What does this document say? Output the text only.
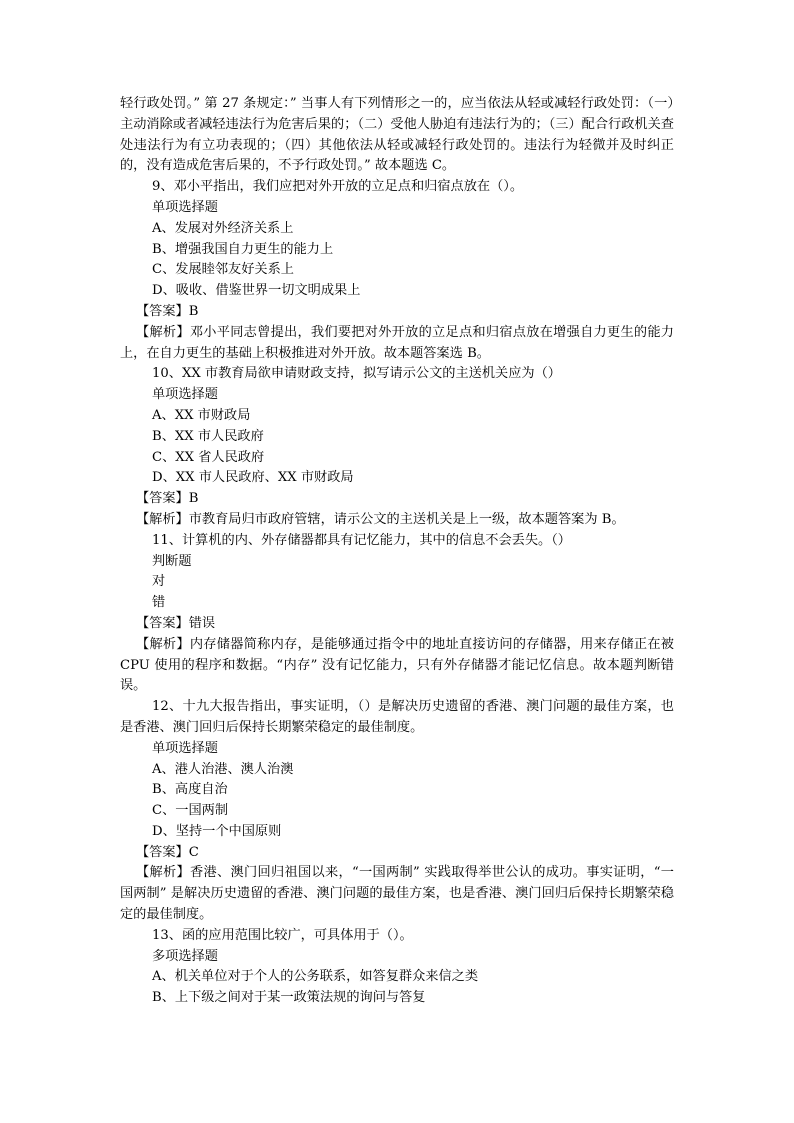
轻行政处罚。” 第 27 条规定：” 当事人有下列情形之一的，应当依法从轻或减轻行政处罚：（一）主动消除或者减轻违法行为危害后果的；（二）受他人胁迫有违法行为的；（三）配合行政机关查处违法行为有立功表现的；（四）其他依法从轻或减轻行政处罚的。违法行为轻微并及时纠正的，没有造成危害后果的，不予行政处罚。” 故本题选 C。
9、邓小平指出，我们应把对外开放的立足点和归宿点放在（）。
单项选择题
A、发展对外经济关系上
B、增强我国自力更生的能力上
C、发展睦邻友好关系上
D、吸收、借鉴世界一切文明成果上
【答案】B
【解析】邓小平同志曾提出，我们要把对外开放的立足点和归宿点放在增强自力更生的能力上，在自力更生的基础上积极推进对外开放。故本题答案选 B。
10、XX 市教育局欲申请财政支持，拟写请示公文的主送机关应为（）
单项选择题
A、XX 市财政局
B、XX 市人民政府
C、XX 省人民政府
D、XX 市人民政府、XX 市财政局
【答案】B
【解析】市教育局归市政府管辖，请示公文的主送机关是上一级，故本题答案为 B。
11、计算机的内、外存储器都具有记忆能力，其中的信息不会丢失。（）
判断题
对
错
【答案】错误
【解析】内存储器简称内存，是能够通过指令中的地址直接访问的存储器，用来存储正在被 CPU 使用的程序和数据。“内存” 没有记忆能力，只有外存储器才能记忆信息。故本题判断错误。
12、十九大报告指出，事实证明，（）是解决历史遗留的香港、澳门问题的最佳方案，也是香港、澳门回归后保持长期繁荣稳定的最佳制度。
单项选择题
A、港人治港、澳人治澳
B、高度自治
C、一国两制
D、坚持一个中国原则
【答案】C
【解析】香港、澳门回归祖国以来，“一国两制” 实践取得举世公认的成功。事实证明，“一国两制” 是解决历史遗留的香港、澳门问题的最佳方案，也是香港、澳门回归后保持长期繁荣稳定的最佳制度。
13、函的应用范围比较广，可具体用于（）。
多项选择题
A、机关单位对于个人的公务联系，如答复群众来信之类
B、上下级之间对于某一政策法规的询问与答复
